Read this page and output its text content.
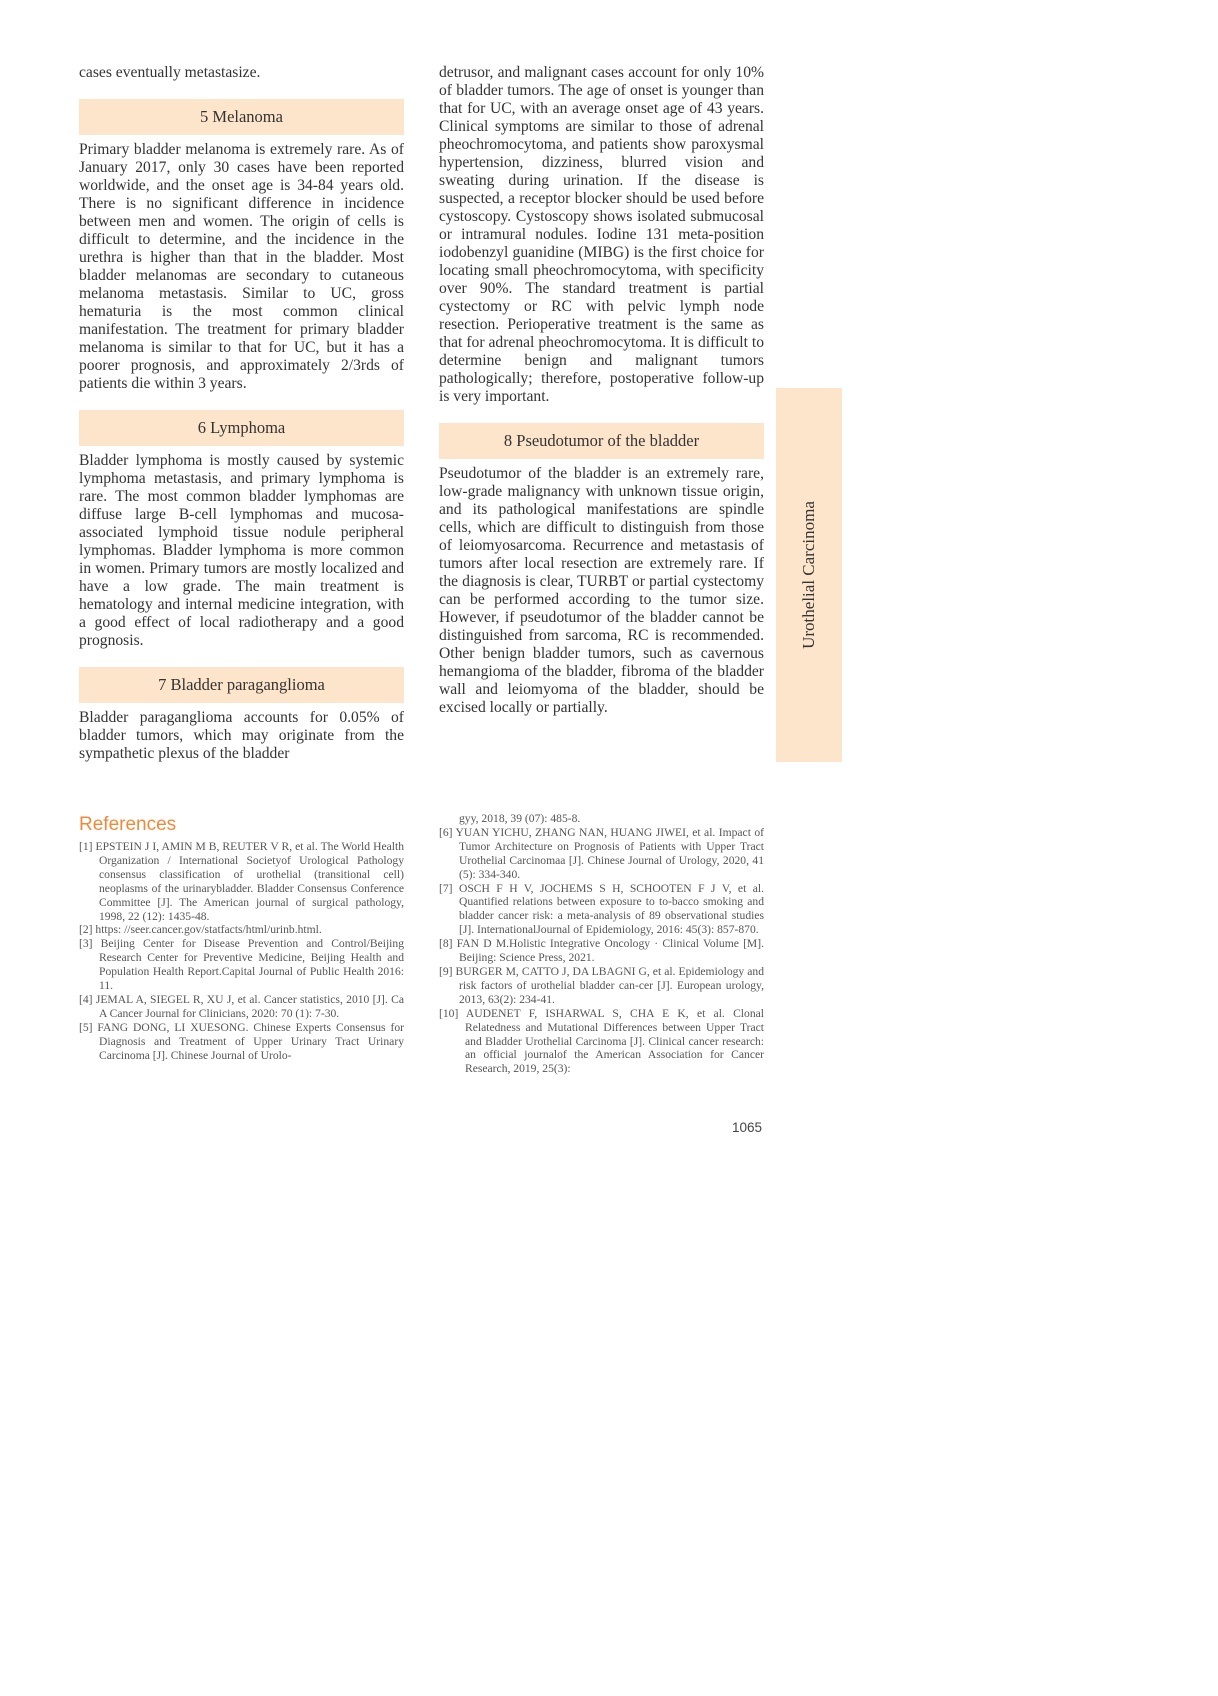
cases eventually metastasize.

5 Melanoma

Primary bladder melanoma is extremely rare. As of January 2017, only 30 cases have been reported worldwide, and the onset age is 34-84 years old. There is no significant difference in incidence between men and women. The origin of cells is difficult to determine, and the incidence in the urethra is higher than that in the bladder. Most bladder melanomas are secondary to cutaneous melanoma metastasis. Similar to UC, gross hematuria is the most common clinical manifestation. The treatment for primary bladder melanoma is similar to that for UC, but it has a poorer prognosis, and approximately 2/3rds of patients die within 3 years.

6 Lymphoma

Bladder lymphoma is mostly caused by systemic lymphoma metastasis, and primary lymphoma is rare. The most common bladder lymphomas are diffuse large B-cell lymphomas and mucosa-associated lymphoid tissue nodule peripheral lymphomas. Bladder lymphoma is more common in women. Primary tumors are mostly localized and have a low grade. The main treatment is hematology and internal medicine integration, with a good effect of local radiotherapy and a good prognosis.

7 Bladder paraganglioma

Bladder paraganglioma accounts for 0.05% of bladder tumors, which may originate from the sympathetic plexus of the bladder

detrusor, and malignant cases account for only 10% of bladder tumors. The age of onset is younger than that for UC, with an average onset age of 43 years. Clinical symptoms are similar to those of adrenal pheochromocytoma, and patients show paroxysmal hypertension, dizziness, blurred vision and sweating during urination. If the disease is suspected, a receptor blocker should be used before cystoscopy. Cystoscopy shows isolated submucosal or intramural nodules. Iodine 131 meta-position iodobenzyl guanidine (MIBG) is the first choice for locating small pheochromocytoma, with specificity over 90%. The standard treatment is partial cystectomy or RC with pelvic lymph node resection. Perioperative treatment is the same as that for adrenal pheochromocytoma. It is difficult to determine benign and malignant tumors pathologically; therefore, postoperative follow-up is very important.

8 Pseudotumor of the bladder

Pseudotumor of the bladder is an extremely rare, low-grade malignancy with unknown tissue origin, and its pathological manifestations are spindle cells, which are difficult to distinguish from those of leiomyosarcoma. Recurrence and metastasis of tumors after local resection are extremely rare. If the diagnosis is clear, TURBT or partial cystectomy can be performed according to the tumor size. However, if pseudotumor of the bladder cannot be distinguished from sarcoma, RC is recommended. Other benign bladder tumors, such as cavernous hemangioma of the bladder, fibroma of the bladder wall and leiomyoma of the bladder, should be excised locally or partially.

Urothelial Carcinoma
References
[1] EPSTEIN J I, AMIN M B, REUTER V R, et al. The World Health Organization / International Societyof Urological Pathology consensus classification of urothelial (transitional cell) neoplasms of the urinarybladder. Bladder Consensus Conference Committee [J]. The American journal of surgical pathology, 1998, 22 (12): 1435-48.
[2] https: //seer.cancer.gov/statfacts/html/urinb.html.
[3] Beijing Center for Disease Prevention and Control/Beijing Research Center for Preventive Medicine, Beijing Health and Population Health Report.Capital Journal of Public Health 2016: 11.
[4] JEMAL A, SIEGEL R, XU J, et al. Cancer statistics, 2010 [J]. Ca A Cancer Journal for Clinicians, 2020: 70 (1): 7-30.
[5] FANG DONG, LI XUESONG. Chinese Experts Consensus for Diagnosis and Treatment of Upper Urinary Tract Urinary Carcinoma [J]. Chinese Journal of Urolo-
gyy, 2018, 39 (07): 485-8.
[6] YUAN YICHU, ZHANG NAN, HUANG JIWEI, et al. Impact of Tumor Architecture on Prognosis of Patients with Upper Tract Urothelial Carcinomaa [J]. Chinese Journal of Urology, 2020, 41 (5): 334-340.
[7] OSCH F H V, JOCHEMS S H, SCHOOTEN F J V, et al. Quantified relations between exposure to to-bacco smoking and bladder cancer risk: a meta-analysis of 89 observational studies [J]. InternationalJournal of Epidemiology, 2016: 45(3): 857-870.
[8] FAN D M.Holistic Integrative Oncology · Clinical Volume [M]. Beijing: Science Press, 2021.
[9] BURGER M, CATTO J, DA LBAGNI G, et al. Epidemiology and risk factors of urothelial bladder can-cer [J]. European urology, 2013, 63(2): 234-41.
[10] AUDENET F, ISHARWAL S, CHA E K, et al. Clonal Relatedness and Mutational Differences between Upper Tract and Bladder Urothelial Carcinoma [J]. Clinical cancer research: an official journalof the American Association for Cancer Research, 2019, 25(3):
1065
